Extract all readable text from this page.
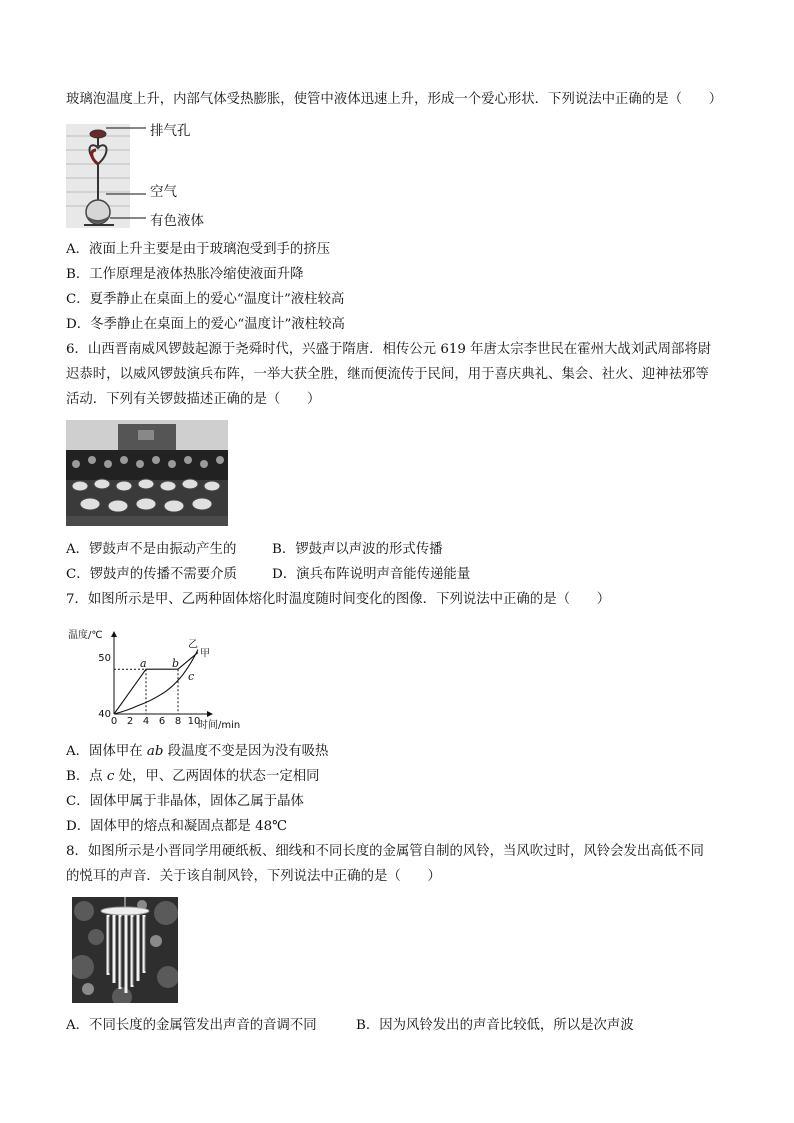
玻璃泡温度上升，内部气体受热膨胀，使管中液体迅速上升，形成一个爱心形状．下列说法中正确的是（　　）
排气孔
空气
有色液体
A．液面上升主要是由于玻璃泡受到手的挤压
B．工作原理是液体热胀冷缩使液面升降
C．夏季静止在桌面上的爱心“温度计”液柱较高
D．冬季静止在桌面上的爱心“温度计”液柱较高
6．山西晋南威风锣鼓起源于尧舜时代，兴盛于隋唐．相传公元 619 年唐太宗李世民在霍州大战刘武周部将尉
迟恭时，以威风锣鼓演兵布阵，一举大获全胜，继而便流传于民间，用于喜庆典礼、集会、社火、迎神祛邪等
活动．下列有关锣鼓描述正确的是（　　）
A．锣鼓声不是由振动产生的	B．锣鼓声以声波的形式传播
C．锣鼓声的传播不需要介质	D．演兵布阵说明声音能传递能量
7．如图所示是甲、乙两种固体熔化时温度随时间变化的图像．下列说法中正确的是（　　）
温度/℃
时间/min
0 2 4 6 8 10
40
50	甲
乙
a b
c
A．固体甲在 ab 段温度不变是因为没有吸热
B．点 c 处，甲、乙两固体的状态一定相同
C．固体甲属于非晶体，固体乙属于晶体
D．固体甲的熔点和凝固点都是 48℃
8．如图所示是小晋同学用硬纸板、细线和不同长度的金属管自制的风铃，当风吹过时，风铃会发出高低不同
的悦耳的声音．关于该自制风铃，下列说法中正确的是（　　）
A．不同长度的金属管发出声音的音调不同	B．因为风铃发出的声音比较低，所以是次声波
